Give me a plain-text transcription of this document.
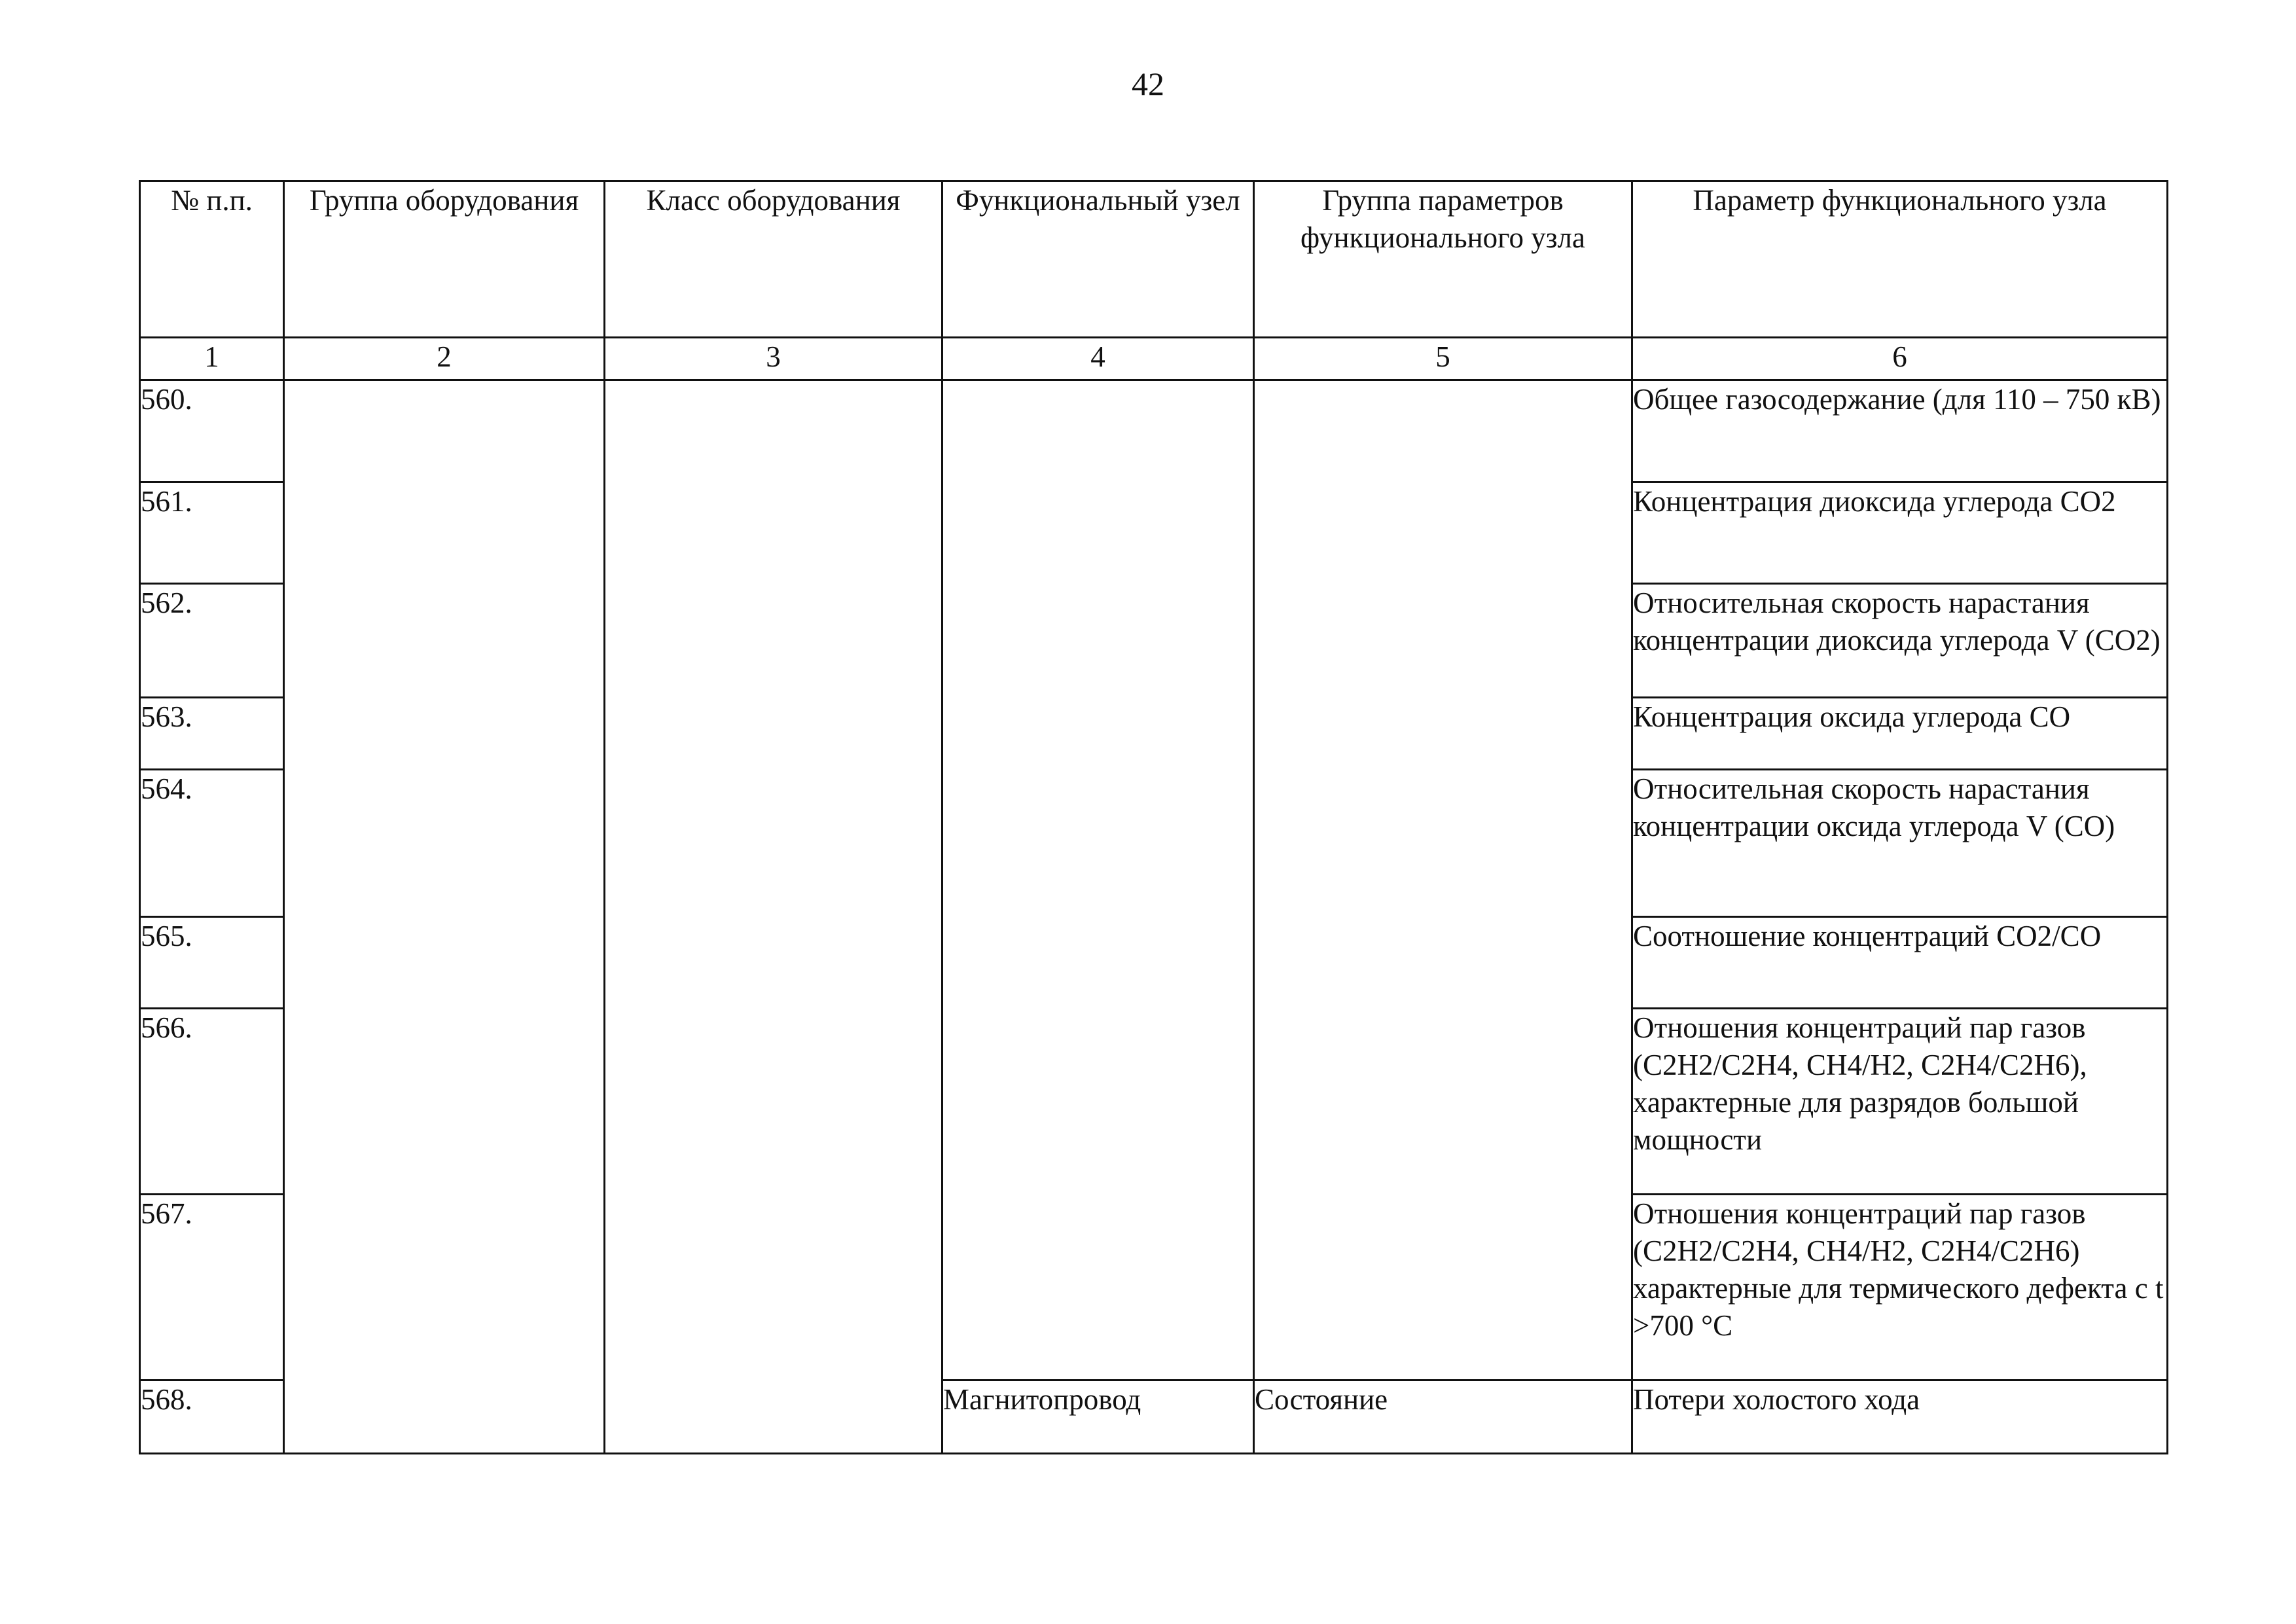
42
№ п.п.	Группа оборудования	Класс оборудования	Функциональный узел	Группа параметров функционального узла	Параметр функционального узла
1	2	3	4	5	6
560.					Общее газосодержание (для 110 – 750 кВ)
561.					Концентрация диоксида углерода СО2
562.					Относительная скорость нарастания концентрации диоксида углерода V (СО2)
563.					Концентрация оксида углерода СО
564.					Относительная скорость нарастания концентрации оксида углерода V (СО)
565.					Соотношение концентраций СО2/СО
566.					Отношения концентраций пар газов (С2Н2/С2Н4, СН4/Н2, С2Н4/С2Н6), характерные для разрядов большой мощности
567.					Отношения концентраций пар газов (С2Н2/С2Н4, СН4/Н2, С2Н4/С2Н6) характерные для термического дефекта с t >700 °С
568.			Магнитопровод	Состояние	Потери холостого хода
